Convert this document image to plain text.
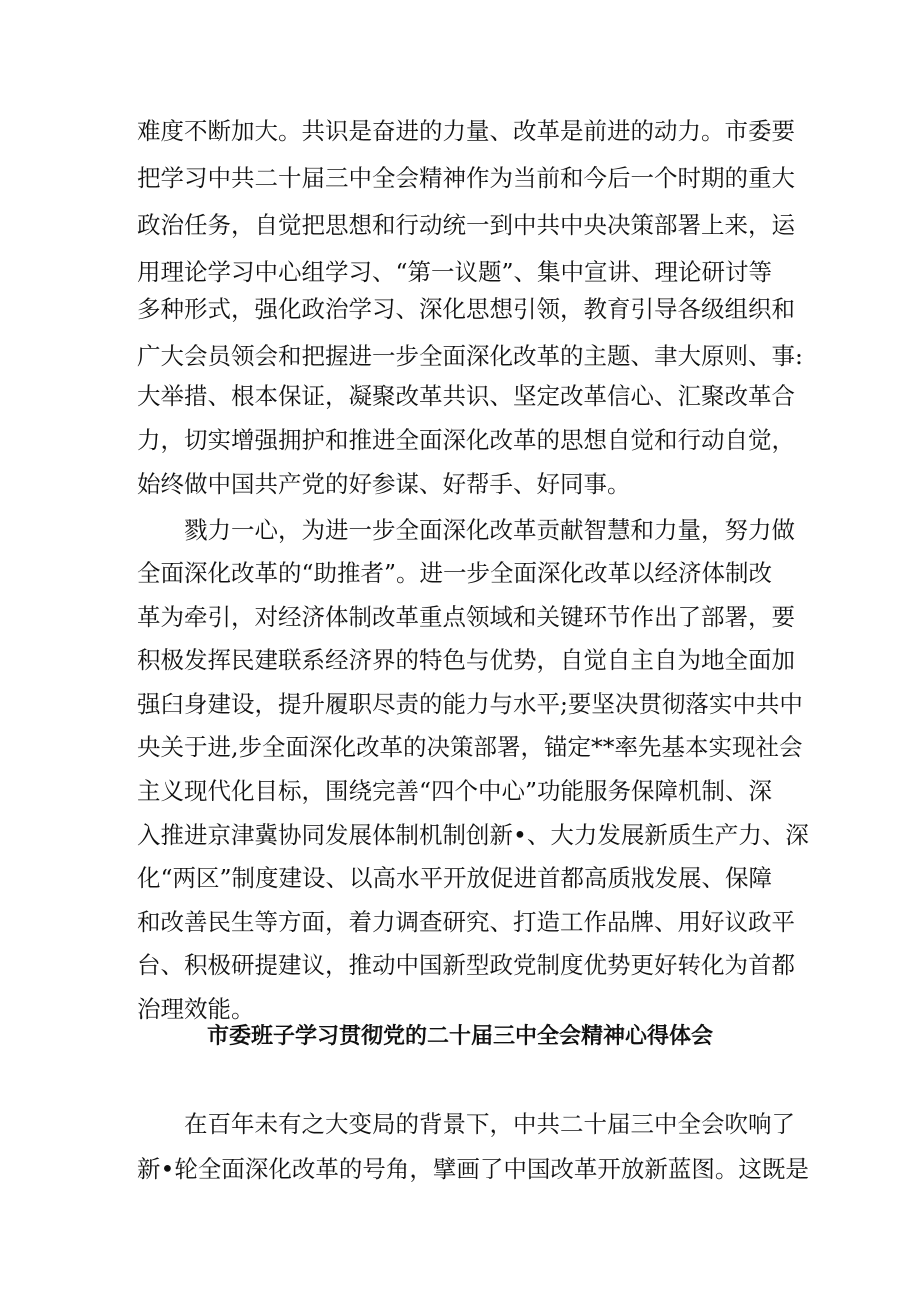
难度不断加大。共识是奋进的力量、改革是前进的动力。市委要
把学习中共二十届三中全会精神作为当前和今后一个时期的重大
政治任务，自觉把思想和行动统一到中共中央决策部署上来，运
用理论学习中心组学习、“第一议题”、集中宣讲、理论研讨等
多种形式，强化政治学习、深化思想引领，教育引导各级组织和
广大会员领会和把握进一步全面深化改革的主题、聿大原则、事:
大举措、根本保证，凝聚改革共识、坚定改革信心、汇聚改革合
力，切实增强拥护和推进全面深化改革的思想自觉和行动自觉，
始终做中国共产党的好参谋、好帮手、好同事。
戮力一心，为进一步全面深化改革贡献智慧和力量，努力做
全面深化改革的“助推者”。进一步全面深化改革以经济体制改
革为牵引，对经济体制改革重点领域和关键环节作出了部署，要
积极发挥民建联系经济界的特色与优势，自觉自主自为地全面加
强臼身建设，提升履职尽责的能力与水平;要坚决贯彻落实中共中
央关于进,步全面深化改革的决策部署，锚定**率先基本实现社会
主义现代化目标，围绕完善“四个中心”功能服务保障机制、深
入推进京津冀协同发展体制机制创新•、大力发展新质生产力、深
化“两区”制度建设、以高水平开放促进首都高质戕发展、保障
和改善民生等方面，着力调查研究、打造工作品牌、用好议政平
台、积极研提建议，推动中国新型政党制度优势更好转化为首都
治理效能。
市委班子学习贯彻党的二十届三中全会精神心得体会
在百年未有之大变局的背景下，中共二十届三中全会吹响了
新•轮全面深化改革的号角，擘画了中国改革开放新蓝图。这既是
